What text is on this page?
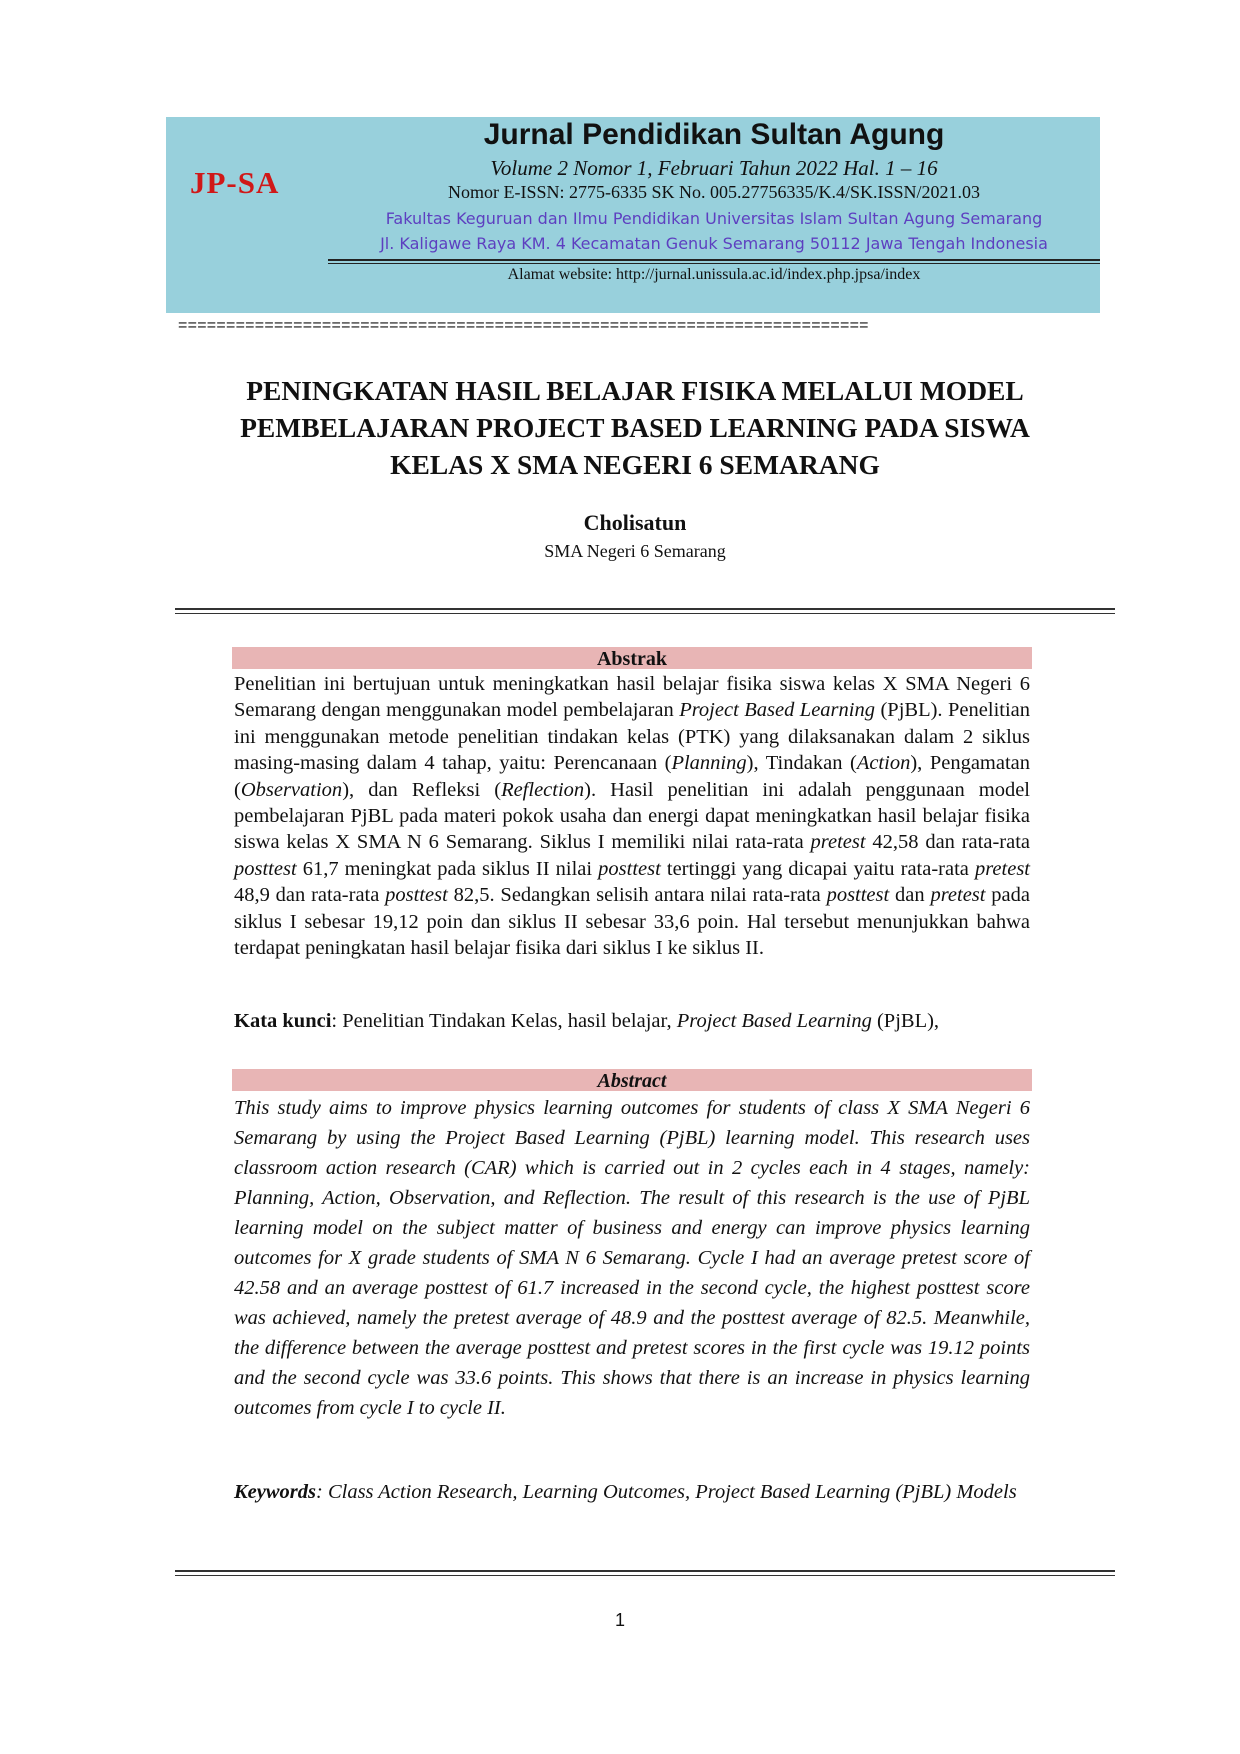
JP-SA
Jurnal Pendidikan Sultan Agung
Volume 2 Nomor 1, Februari Tahun 2022 Hal. 1 – 16
Nomor E-ISSN: 2775-6335 SK No. 005.27756335/K.4/SK.ISSN/2021.03
Fakultas Keguruan dan Ilmu Pendidikan Universitas Islam Sultan Agung Semarang
Jl. Kaligawe Raya KM. 4 Kecamatan Genuk Semarang 50112 Jawa Tengah Indonesia
Alamat website: http://jurnal.unissula.ac.id/index.php.jpsa/index
========================================================================
PENINGKATAN HASIL BELAJAR FISIKA MELALUI MODEL
PEMBELAJARAN PROJECT BASED LEARNING PADA SISWA
KELAS X SMA NEGERI 6 SEMARANG
Cholisatun
SMA Negeri 6 Semarang
Abstrak

Penelitian ini bertujuan untuk meningkatkan hasil belajar fisika siswa kelas X SMA Negeri 6 Semarang dengan menggunakan model pembelajaran Project Based Learning (PjBL). Penelitian ini menggunakan metode penelitian tindakan kelas (PTK) yang dilaksanakan dalam 2 siklus masing-masing dalam 4 tahap, yaitu: Perencanaan (Planning), Tindakan (Action), Pengamatan (Observation), dan Refleksi (Reflection). Hasil penelitian ini adalah penggunaan model pembelajaran PjBL pada materi pokok usaha dan energi dapat meningkatkan hasil belajar fisika siswa kelas X SMA N 6 Semarang. Siklus I memiliki nilai rata-rata pretest 42,58 dan rata-rata posttest 61,7 meningkat pada siklus II nilai posttest tertinggi yang dicapai yaitu rata-rata pretest 48,9 dan rata-rata posttest 82,5. Sedangkan selisih antara nilai rata-rata posttest dan pretest pada siklus I sebesar 19,12 poin dan siklus II sebesar 33,6 poin. Hal tersebut menunjukkan bahwa terdapat peningkatan hasil belajar fisika dari siklus I ke siklus II.

Kata kunci: Penelitian Tindakan Kelas, hasil belajar, Project Based Learning (PjBL),

Abstract

This study aims to improve physics learning outcomes for students of class X SMA Negeri 6 Semarang by using the Project Based Learning (PjBL) learning model. This research uses classroom action research (CAR) which is carried out in 2 cycles each in 4 stages, namely: Planning, Action, Observation, and Reflection. The result of this research is the use of PjBL learning model on the subject matter of business and energy can improve physics learning outcomes for X grade students of SMA N 6 Semarang. Cycle I had an average pretest score of 42.58 and an average posttest of 61.7 increased in the second cycle, the highest posttest score was achieved, namely the pretest average of 48.9 and the posttest average of 82.5. Meanwhile, the difference between the average posttest and pretest scores in the first cycle was 19.12 points and the second cycle was 33.6 points. This shows that there is an increase in physics learning outcomes from cycle I to cycle II.

Keywords: Class Action Research, Learning Outcomes, Project Based Learning (PjBL) Models

1
